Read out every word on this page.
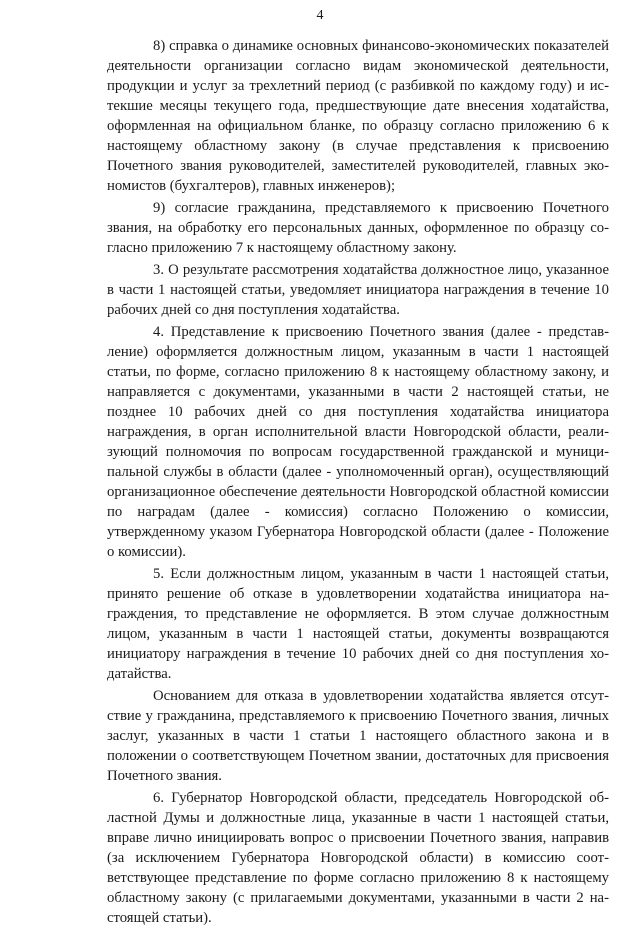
4

8) справка о динамике основных финансово-экономических показателей деятельности организации согласно видам экономической деятельности, продукции и услуг за трехлетний период (с разбивкой по каждому году) и истекшие месяцы текущего года, предшествующие дате внесения ходатайства, оформленная на официальном бланке, по образцу согласно приложению 6 к настоящему областному закону (в случае представления к присвоению Почетного звания руководителей, заместителей руководителей, главных экономистов (бухгалтеров), главных инженеров);

9) согласие гражданина, представляемого к присвоению Почетного звания, на обработку его персональных данных, оформленное по образцу согласно приложению 7 к настоящему областному закону.

3. О результате рассмотрения ходатайства должностное лицо, указанное в части 1 настоящей статьи, уведомляет инициатора награждения в течение 10 рабочих дней со дня поступления ходатайства.

4. Представление к присвоению Почетного звания (далее - представление) оформляется должностным лицом, указанным в части 1 настоящей статьи, по форме, согласно приложению 8 к настоящему областному закону, и направляется с документами, указанными в части 2 настоящей статьи, не позднее 10 рабочих дней со дня поступления ходатайства инициатора награждения, в орган исполнительной власти Новгородской области, реализующий полномочия по вопросам государственной гражданской и муниципальной службы в области (далее - уполномоченный орган), осуществляющий организационное обеспечение деятельности Новгородской областной комиссии по наградам (далее - комиссия) согласно Положению о комиссии, утвержденному указом Губернатора Новгородской области (далее - Положение о комиссии).

5. Если должностным лицом, указанным в части 1 настоящей статьи, принято решение об отказе в удовлетворении ходатайства инициатора награждения, то представление не оформляется. В этом случае должностным лицом, указанным в части 1 настоящей статьи, документы возвращаются инициатору награждения в течение 10 рабочих дней со дня поступления ходатайства.

Основанием для отказа в удовлетворении ходатайства является отсутствие у гражданина, представляемого к присвоению Почетного звания, личных заслуг, указанных в части 1 статьи 1 настоящего областного закона и в положении о соответствующем Почетном звании, достаточных для присвоения Почетного звания.

6. Губернатор Новгородской области, председатель Новгородской областной Думы и должностные лица, указанные в части 1 настоящей статьи, вправе лично инициировать вопрос о присвоении Почетного звания, направив (за исключением Губернатора Новгородской области) в комиссию соответствующее представление по форме согласно приложению 8 к настоящему областному закону (с прилагаемыми документами, указанными в части 2 настоящей статьи).
